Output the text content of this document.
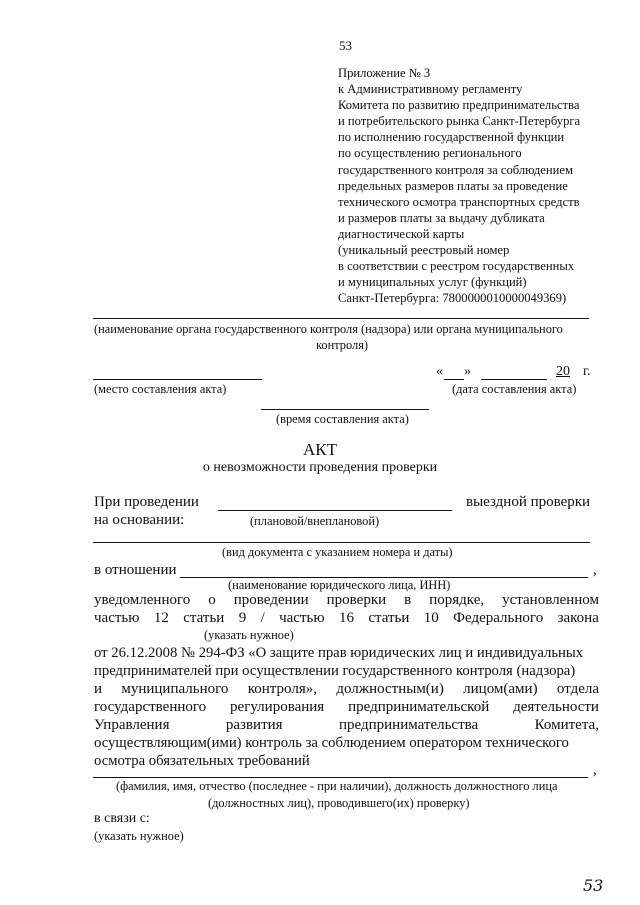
53
Приложение № 3
к Административному регламенту
Комитета по развитию предпринимательства
и потребительского рынка Санкт-Петербурга
по исполнению государственной функции
по осуществлению регионального
государственного контроля за соблюдением
предельных размеров платы за проведение
технического осмотра транспортных средств
и размеров платы за выдачу дубликата
диагностической карты
(уникальный реестровый номер
в соответствии с реестром государственных
и муниципальных услуг (функций)
Санкт-Петербурга: 7800000010000049369)
(наименование органа государственного контроля (надзора) или органа муниципального
контроля)
« »	20 г.
(место составления акта)	(дата составления акта)
(время составления акта)
АКТ
о невозможности проведения проверки
При проведении	выездной проверки
на основании:	(плановой/внеплановой)
(вид документа с указанием номера и даты)
в отношении	,
(наименование юридического лица, ИНН)
уведомленного о проведении проверки в порядке, установленном
частью 12 статьи 9 / частью 16 статьи 10 Федерального закона
(указать нужное)
от 26.12.2008 № 294-ФЗ «О защите прав юридических лиц и индивидуальных
предпринимателей при осуществлении государственного контроля (надзора)
и муниципального контроля», должностным(и) лицом(ами) отдела
государственного регулирования предпринимательской деятельности
Управления	развития	предпринимательства	Комитета,
осуществляющим(ими) контроль за соблюдением оператором технического
осмотра обязательных требований
,
(фамилия, имя, отчество (последнее - при наличии), должность должностного лица
(должностных лиц), проводившего(их) проверку)
в связи с:
(указать нужное)
53
